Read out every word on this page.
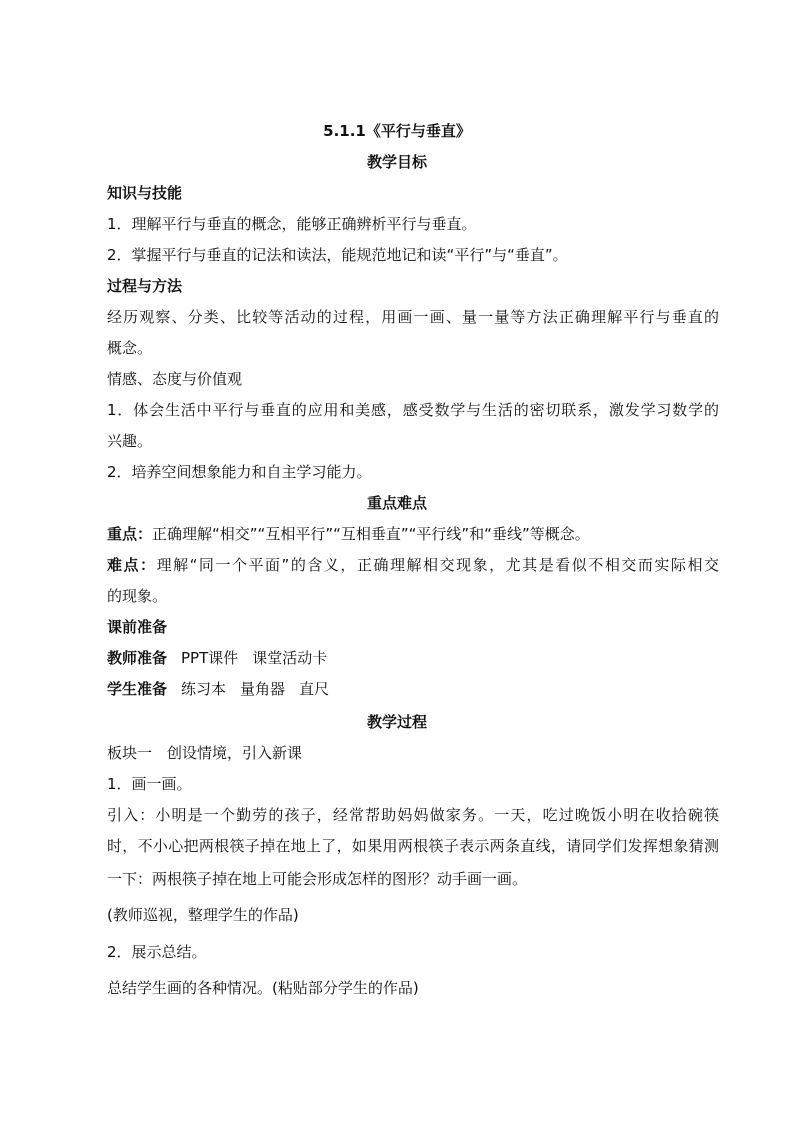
5.1.1《平行与垂直》
教学目标
知识与技能
1．理解平行与垂直的概念，能够正确辨析平行与垂直。
2．掌握平行与垂直的记法和读法，能规范地记和读“平行”与“垂直”。
过程与方法
经历观察、分类、比较等活动的过程，用画一画、量一量等方法正确理解平行与垂直的
概念。
情感、态度与价值观
1．体会生活中平行与垂直的应用和美感，感受数学与生活的密切联系，激发学习数学的
兴趣。
2．培养空间想象能力和自主学习能力。
重点难点
重点：正确理解“相交”“互相平行”“互相垂直”“平行线”和“垂线”等概念。
难点：理解“同一个平面”的含义，正确理解相交现象，尤其是看似不相交而实际相交
的现象。
课前准备
教师准备 PPT课件 课堂活动卡
学生准备 练习本 量角器 直尺
教学过程
板块一　创设情境，引入新课
1．画一画。
引入：小明是一个勤劳的孩子，经常帮助妈妈做家务。一天，吃过晚饭小明在收拾碗筷
时，不小心把两根筷子掉在地上了，如果用两根筷子表示两条直线，请同学们发挥想象猜测
一下：两根筷子掉在地上可能会形成怎样的图形？动手画一画。
(教师巡视，整理学生的作品)
2．展示总结。
总结学生画的各种情况。(粘贴部分学生的作品)
